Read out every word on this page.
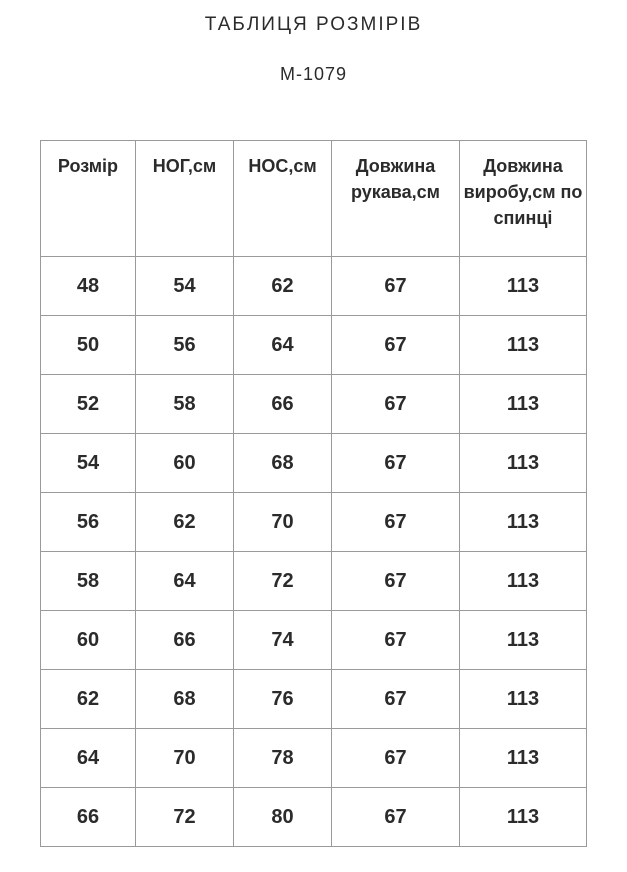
ТАБЛИЦЯ РОЗМІРІВ
М-1079
Розмір	НОГ,см	НОС,см	Довжина рукава,см	Довжина виробу,см по спинці
48	54	62	67	113
50	56	64	67	113
52	58	66	67	113
54	60	68	67	113
56	62	70	67	113
58	64	72	67	113
60	66	74	67	113
62	68	76	67	113
64	70	78	67	113
66	72	80	67	113
